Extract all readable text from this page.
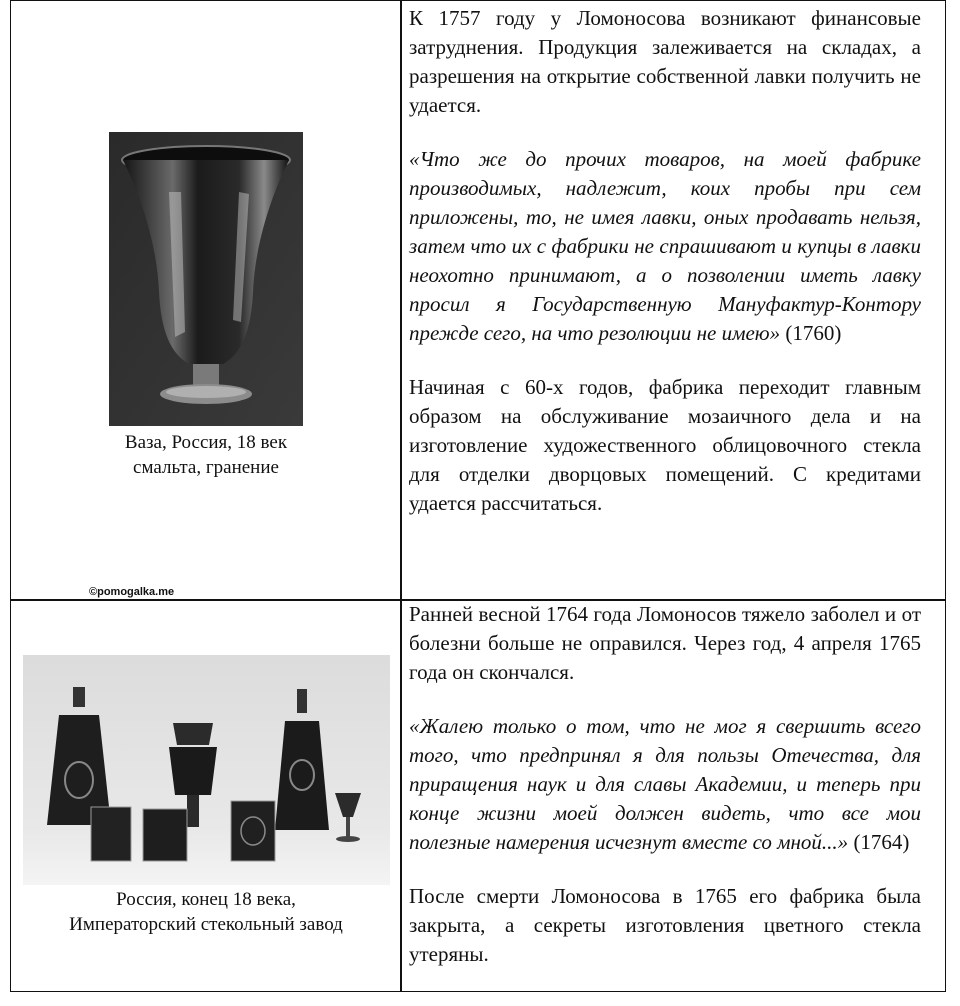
Ваза, Россия, 18 век
смальта, гранение

К 1757 году у Ломоносова возникают финансовые затруднения. Продукция залеживается на складах, а разрешения на открытие собственной лавки получить не удается.

«Что же до прочих товаров, на моей фабрике производимых, надлежит, коих пробы при сем приложены, то, не имея лавки, оных продавать нельзя, затем что их с фабрики не спрашивают и купцы в лавки неохотно принимают, а о позволении иметь лавку просил я Государственную Мануфактур-Контору прежде сего, на что резолюции не имею» (1760)

Начиная с 60-х годов, фабрика переходит главным образом на обслуживание мозаичного дела и на изготовление художественного облицовочного стекла для отделки дворцовых помещений. С кредитами удается рассчитаться.

©pomogalka.me
Россия, конец 18 века,
Императорский стекольный завод

Ранней весной 1764 года Ломоносов тяжело заболел и от болезни больше не оправился. Через год, 4 апреля 1765 года он скончался.

«Жалею только о том, что не мог я свершить всего того, что предпринял я для пользы Отечества, для приращения наук и для славы Академии, и теперь при конце жизни моей должен видеть, что все мои полезные намерения исчезнут вместе со мной...» (1764)

После смерти Ломоносова в 1765 его фабрика была закрыта, а секреты изготовления цветного стекла утеряны.
